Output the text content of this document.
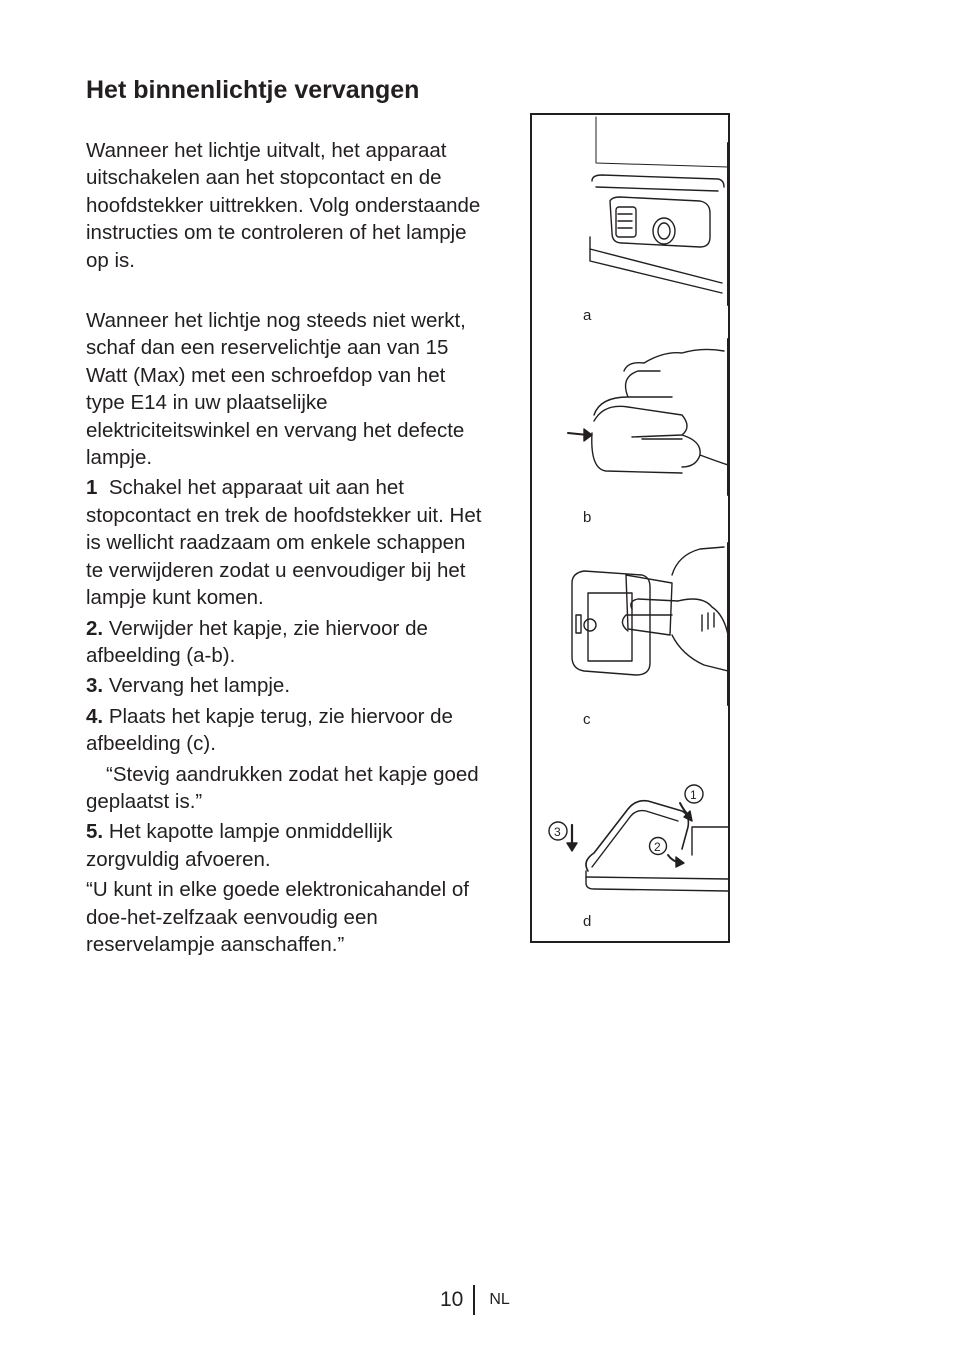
Het binnenlichtje vervangen

Wanneer het lichtje uitvalt, het apparaat uitschakelen aan het stopcontact en de hoofdstekker uittrekken. Volg onderstaande instructies om te controleren of het lampje op is.

Wanneer het lichtje nog steeds niet werkt, schaf dan een reservelichtje aan van 15 Watt (Max) met een schroefdop van het type E14 in uw plaatselijke elektriciteitswinkel en vervang het defecte lampje.

1 Schakel het apparaat uit aan het stopcontact en trek de hoofdstekker uit. Het is wellicht raadzaam om enkele schappen te verwijderen zodat u eenvoudiger bij het lampje kunt komen.

2. Verwijder het kapje, zie hiervoor de afbeelding (a-b).

3. Vervang het lampje.

4. Plaats het kapje terug, zie hiervoor de afbeelding (c).

“Stevig aandrukken zodat het kapje goed geplaatst is.”

5. Het kapotte lampje onmiddellijk zorgvuldig afvoeren.

“U kunt in elke goede elektronicahandel of doe-het-zelfzaak eenvoudig een reservelampje aanschaffen.”

a
b
c
d
1
2
3
10 NL
